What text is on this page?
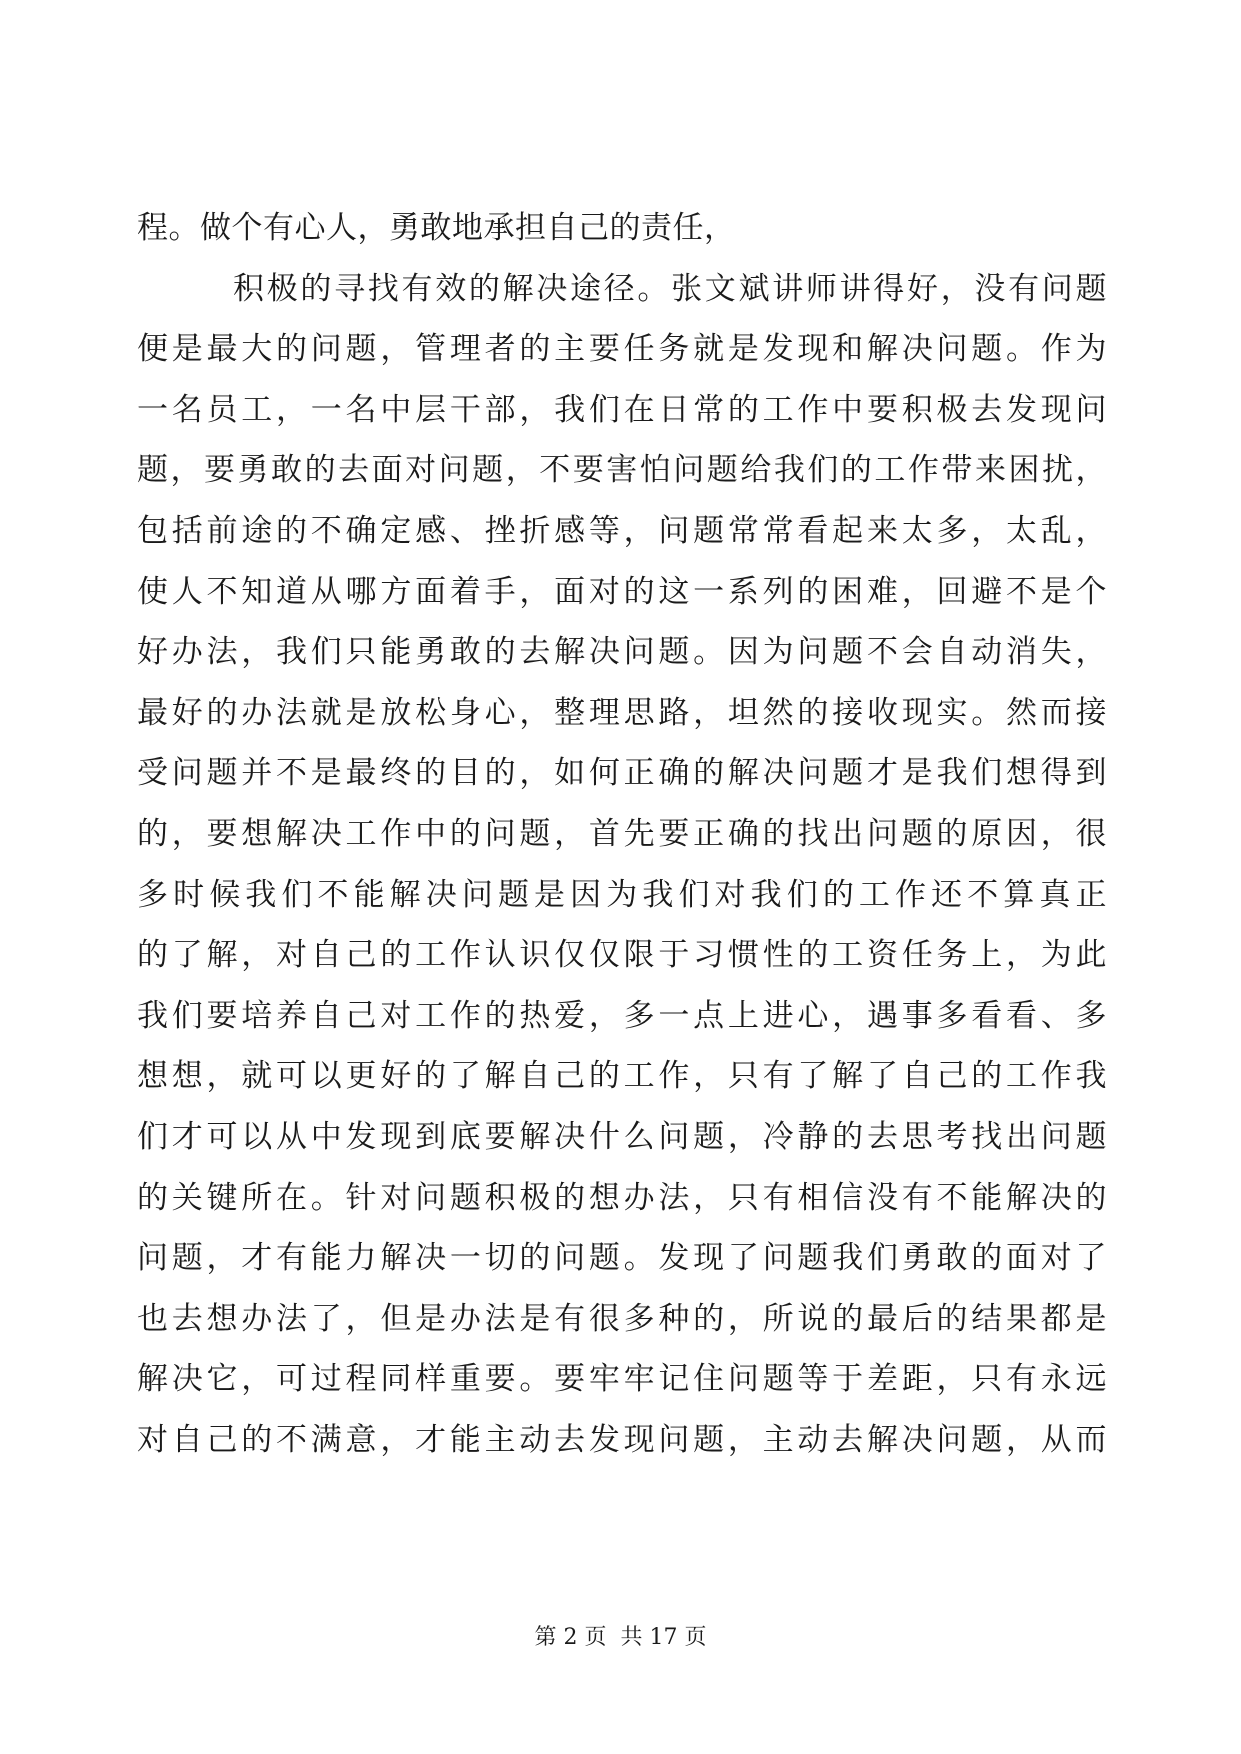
程。做个有心人，勇敢地承担自己的责任，
积极的寻找有效的解决途径。张文斌讲师讲得好，没有问题
便是最大的问题，管理者的主要任务就是发现和解决问题。作为
一名员工，一名中层干部，我们在日常的工作中要积极去发现问
题，要勇敢的去面对问题，不要害怕问题给我们的工作带来困扰，
包括前途的不确定感、挫折感等，问题常常看起来太多，太乱，
使人不知道从哪方面着手，面对的这一系列的困难，回避不是个
好办法，我们只能勇敢的去解决问题。因为问题不会自动消失，
最好的办法就是放松身心，整理思路，坦然的接收现实。然而接
受问题并不是最终的目的，如何正确的解决问题才是我们想得到
的，要想解决工作中的问题，首先要正确的找出问题的原因，很
多时候我们不能解决问题是因为我们对我们的工作还不算真正
的了解，对自己的工作认识仅仅限于习惯性的工资任务上，为此
我们要培养自己对工作的热爱，多一点上进心，遇事多看看、多
想想，就可以更好的了解自己的工作，只有了解了自己的工作我
们才可以从中发现到底要解决什么问题，冷静的去思考找出问题
的关键所在。针对问题积极的想办法，只有相信没有不能解决的
问题，才有能力解决一切的问题。发现了问题我们勇敢的面对了
也去想办法了，但是办法是有很多种的，所说的最后的结果都是
解决它，可过程同样重要。要牢牢记住问题等于差距，只有永远
对自己的不满意，才能主动去发现问题，主动去解决问题，从而
第 2 页  共 17 页
